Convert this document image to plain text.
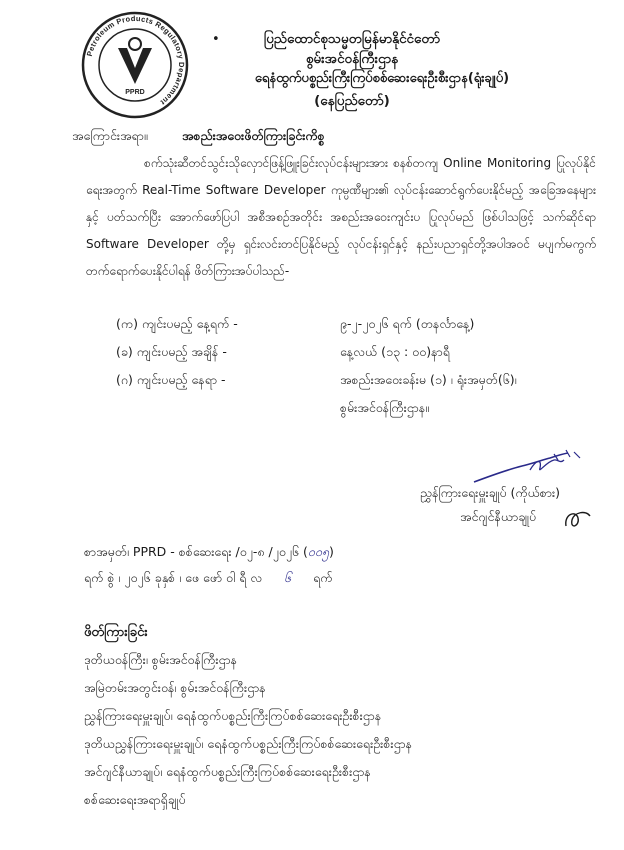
Petroleum Products Regulatory Department
PPRD
•	ပြည်ထောင်စုသမ္မတမြန်မာနိုင်ငံတော်
စွမ်းအင်ဝန်ကြီးဌာန
ရေနံထွက်ပစ္စည်းကြီးကြပ်စစ်ဆေးရေးဦးစီးဌာန(ရုံးချုပ်)
(နေပြည်တော်)
အကြောင်းအရာ။	အစည်းအဝေးဖိတ်ကြားခြင်းကိစ္စ
စက်သုံးဆီတင်သွင်းသိုလှောင်ဖြန့်ဖြူးခြင်းလုပ်ငန်းများအား စနစ်တကျ Online Monitoring ပြုလုပ်နိုင်ရေးအတွက် Real-Time Software Developer ကုမ္ပဏီများ၏ လုပ်ငန်းဆောင်ရွက်ပေးနိုင်မည့် အခြေအနေများနှင့် ပတ်သက်ပြီး အောက်ဖော်ပြပါ အစီအစဉ်အတိုင်း အစည်းအဝေးကျင်းပ ပြုလုပ်မည် ဖြစ်ပါသဖြင့် သက်ဆိုင်ရာ Software Developer တို့မှ ရှင်းလင်းတင်ပြနိုင်မည့် လုပ်ငန်းရှင်နှင့် နည်းပညာရှင်တို့အပါအဝင် မပျက်မကွက် တက်ရောက်ပေးနိုင်ပါရန် ဖိတ်ကြားအပ်ပါသည်-
(က) ကျင်းပမည့် နေ့ရက် -	၉-၂-၂၀၂၆ ရက် (တနင်္လာနေ့)
(ခ) ကျင်းပမည့် အချိန် -	နေ့လယ် (၁၃ : ၀၀)နာရီ
(ဂ) ကျင်းပမည့် နေရာ -	အစည်းအဝေးခန်းမ (၁) ၊ ရုံးအမှတ်(၆)၊
စွမ်းအင်ဝန်ကြီးဌာန။
ညွှန်ကြားရေးမှူးချုပ် (ကိုယ်စား)
အင်ဂျင်နီယာချုပ်
စာအမှတ်၊ PPRD - စစ်ဆေးရေး /၀၂-၈ /၂၀၂၆ (၀၀၅)
ရက် စွဲ ၊ ၂၀၂၆ ခုနှစ် ၊ ဖေ ဖော် ဝါ ရီ လ ၆ ရက်
ဖိတ်ကြားခြင်း
ဒုတိယဝန်ကြီး၊ စွမ်းအင်ဝန်ကြီးဌာန
အမြဲတမ်းအတွင်းဝန်၊ စွမ်းအင်ဝန်ကြီးဌာန
ညွှန်ကြားရေးမှူးချုပ်၊ ရေနံထွက်ပစ္စည်းကြီးကြပ်စစ်ဆေးရေးဦးစီးဌာန
ဒုတိယညွှန်ကြားရေးမှူးချုပ်၊ ရေနံထွက်ပစ္စည်းကြီးကြပ်စစ်ဆေးရေးဦးစီးဌာန
အင်ဂျင်နီယာချုပ်၊ ရေနံထွက်ပစ္စည်းကြီးကြပ်စစ်ဆေးရေးဦးစီးဌာန
စစ်ဆေးရေးအရာရှိချုပ်
